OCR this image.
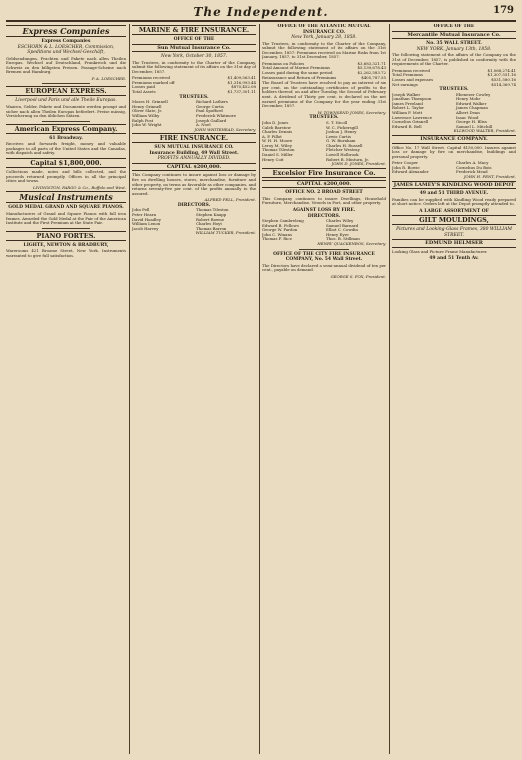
The Independent.	179
Express Companies
Express Companies
ESCHORN & L. LOESCHER, Commission, Speditions und Wechsel-Geschäft,
Geldsendungen, Frachten und Pakete nach allen Theilen Europas. Wechsel auf Deutschland, Frankreich und die Schweiz zu den billigsten Preisen. Passage-Scheine nach Bremen und Hamburg.
P. A. LOESCHER.
EUROPEAN EXPRESS.
Liverpool und Paris und alle Theile Europas.
Waaren, Gelder, Pakete und Documente werden prompt und sicher nach allen Theilen Europas befördert. Preise mässig, Versicherung zu den üblichen Sätzen.
American Express Company.
61 Broadway.
Receives and forwards freight, money and valuable packages to all parts of the United States and the Canadas, with dispatch and safety.
Capital $1,800,000.
Collections made, notes and bills collected, and the proceeds returned promptly. Offices in all the principal cities and towns.
LIVINGSTON, FARGO & Co., Buffalo and West.
Musical Instruments
GOLD MEDAL GRAND AND SQUARE PIANOS.
Manufacturers of Grand and Square Pianos with full iron frames. Awarded the Gold Medal at the Fair of the American Institute and the First Premium at the State Fair.
PIANO FORTES.
LIGHTE, NEWTON & BRADBURY,
Warerooms 421 Broome Street, New York. Instruments warranted to give full satisfaction.
MARINE & FIRE INSURANCE.
OFFICE OF THE
Sun Mutual Insurance Co.
New York, October 30, 1857.
The Trustees, in conformity to the Charter of the Company, submit the following statement of its affairs on the 31st day of December, 1857.
Premiums received	$1,409,563.41
Premiums marked off	$1,316,993.44
Losses paid	$870,452.08
Total Assets	$1,737,301.11
TRUSTEES.
Moses H. Grinnell
Henry Grinnell
Oliver Slate, Jr.
William Wilby
Ralph Post
John W. Wright
Richard Lathers
George Curtis
Paul Spofford
Frederick Whitmore
Joseph Gaillard
A. Noel
JOHN WHITEHEAD, Secretary.
FIRE INSURANCE.
SUN MUTUAL INSURANCE CO.
Insurance Building, 49 Wall Street.
PROFITS ANNUALLY DIVIDED.
CAPITAL $200,000.
This Company continues to insure against loss or damage by fire on dwelling houses, stores, merchandise, furniture and other property, on terms as favorable as other companies, and returns seventy-five per cent. of the profits annually to the assured.
ALFRED PELL, President.
DIRECTORS.
John Pell
Peter Hearn
David Hoadley
William Lenox
Jacob Harvey
Thomas Tileston
Stephen Knapp
Robert Bowne
Charles Hoyt
Thomas Barron
WILLIAM TUCKER, President.
OFFICE OF THE ATLANTIC MUTUAL INSURANCE CO.
New York, January 28, 1858.
The Trustees, in conformity to the Charter of the Company, submit the following statement of its affairs on the 31st December, 1857: Premiums received on Marine Risks from 1st January, 1857, to 31st December, 1857.
Premiums on Policies	$3,683,321.71
Total Amount of Marine Premiums	$5,139,678.43
Losses paid during the same period	$2,262,583.72
Reinsurance and Return of Premiums	$405,787.55
The Board of Trustees have resolved to pay an interest of six per cent. on the outstanding certificates of profits to the holders thereof, on and after Tuesday, the Second of February next. A dividend of Thirty per cent. is declared on the net earned premiums of the Company for the year ending 31st December, 1857.
W. TOWNSEND JONES, Secretary.
TRUSTEES.
John D. Jones
Caleb Barstow
Charles Dennis
A. P. Pillot
W. H. H. Moore
Leroy M. Wiley
Thomas Tileston
Daniel S. Miller
Henry Coit
S. T. Nicoll
W. C. Pickersgill
Joshua J. Henry
Lewis Curtis
G. W. Burnham
Charles H. Russell
Fletcher Westray
Lowell Holbrook
Robert B. Minturn, Jr.
JOHN D. JONES, President.
Excelsior Fire Insurance Co.
CAPITAL $200,000.
OFFICE NO. 2 BROAD STREET
This Company continues to insure Dwellings, Household Furniture, Merchandise, Vessels in Port, and other property.
AGAINST LOSS BY FIRE.
DIRECTORS.
Stephen Cambreleng
Edward B. Fellows
George W. Fardon
John C. Winans
Thomas F. Rice
Charles Wiley
Samuel Barnard
Elliot C. Cowdin
Henry Eyre
Thos. B. Stillman
HENRY QUACKENBOS, Secretary.
OFFICE OF THE CITY FIRE INSURANCE COMPANY, No. 54 Wall Street.
The Directors have declared a semi-annual dividend of ten per cent., payable on demand.
GEORGE S. FOX, President.
OFFICE OF THE
Mercantile Mutual Insurance Co.
No. 35 WALL STREET.
NEW YORK, January 13th, 1858.
The following statement of the affairs of the Company on the 31st of December, 1857, is published in conformity with the requirements of the Charter.
Premiums received	$1,068,274.41
Total Premiums	$1,307,551.16
Losses and expenses	$531,580.16
Net earnings	$514,369.74
TRUSTEES.
Joseph Walker
Jonathan Thompson
James Freeland
Robert L. Taylor
William F. Mott
Lawrence Lawrence
Cornelius Grinnell
Edward R. Bell
Ebenezer Cowley
Henry Mohr
Edward Walker
James Chapman
Albert Dean
Isaac Wood
George H. Bliss
Samuel L. Mitchill
ELLWOOD WALTER, President.
INSURANCE COMPANY.
Office No. 17 Wall Street. Capital $150,000. Insures against loss or damage by fire on merchandise, buildings and personal property.
Peter Cooper
John R. Bowie
Edward Alexander
Charles A. Macy
Cornelius Du Bois
Frederick Mead
JOHN H. PENT, President.
JAMES LAMEY'S KINDLING WOOD DEPOT
49 and 51 THIRD AVENUE.
Families can be supplied with Kindling Wood ready prepared at short notice. Orders left at the Depot promptly attended to.
A LARGE ASSORTMENT OF
GILT MOULDINGS,
Pictures and Looking-Glass Frames, 380 WILLIAM STREET.
EDMUND HELMSER
Looking Glass and Picture Frame Manufacturer.
49 and 51 Tenth Av.
